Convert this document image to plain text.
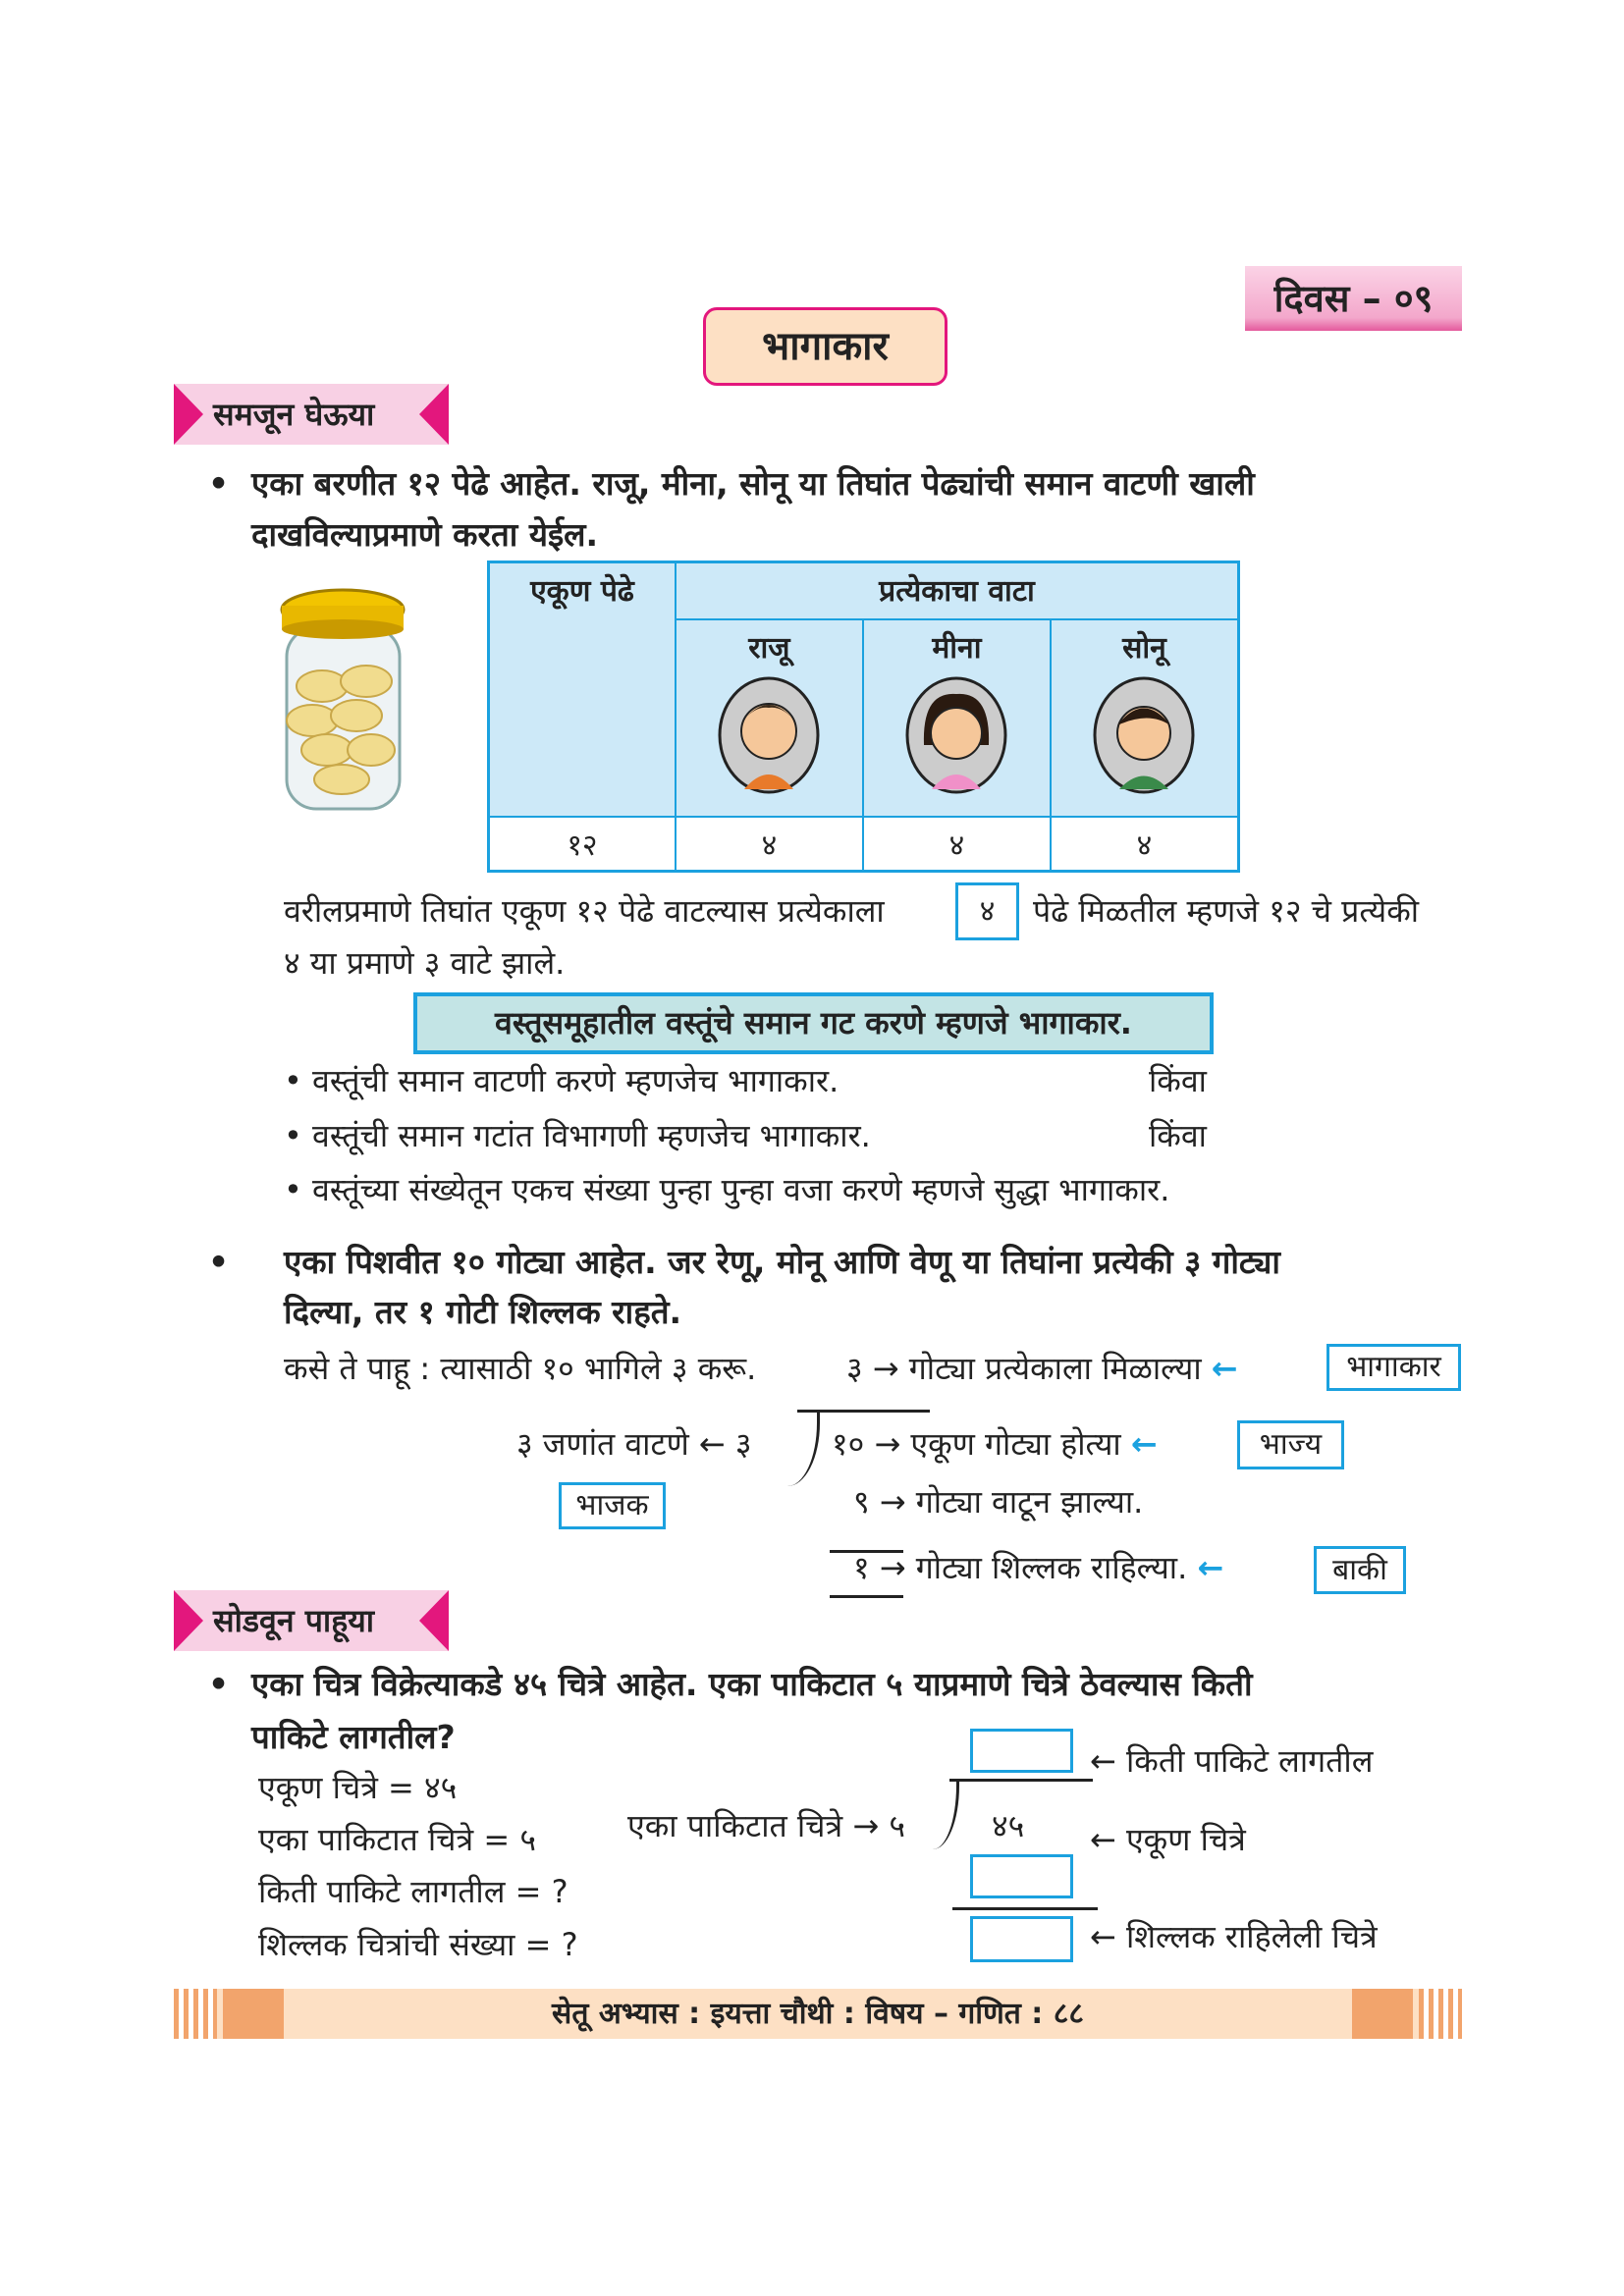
दिवस – ०९
भागाकार
समजून घेऊया
• एका बरणीत १२ पेढे आहेत. राजू, मीना, सोनू या तिघांत पेढ्यांची समान वाटणी खाली
दाखविल्याप्रमाणे करता येईल.
एकूण पेढे	प्रत्येकाचा वाटा		

	राजू	मीना	सोनू

१२	४	४	४
वरीलप्रमाणे तिघांत एकूण १२ पेढे वाटल्यास प्रत्येकाला	४	पेढे मिळतील म्हणजे १२ चे प्रत्येकी
४ या प्रमाणे ३ वाटे झाले.
वस्तूसमूहातील वस्तूंचे समान गट करणे म्हणजे भागाकार.
• वस्तूंची समान वाटणी करणे म्हणजेच भागाकार.	किंवा
• वस्तूंची समान गटांत विभागणी म्हणजेच भागाकार.	किंवा
• वस्तूंच्या संख्येतून एकच संख्या पुन्हा पुन्हा वजा करणे म्हणजे सुद्धा भागाकार.
• एका पिशवीत १० गोट्या आहेत. जर रेणू, मोनू आणि वेणू या तिघांना प्रत्येकी ३ गोट्या
दिल्या, तर १ गोटी शिल्लक राहते.
कसे ते पाहू : त्यासाठी १० भागिले ३ करू.	३ → गोट्या प्रत्येकाला मिळाल्या ←	भागाकार
३ जणांत वाटणे ← ३	१० → एकूण गोट्या होत्या ←	भाज्य
भाजक	९ → गोट्या वाटून झाल्या.
१ → गोट्या शिल्लक राहिल्या. ←	बाकी
सोडवून पाहूया
• एका चित्र विक्रेत्याकडे ४५ चित्रे आहेत. एका पाकिटात ५ याप्रमाणे चित्रे ठेवल्यास किती
पाकिटे लागतील?
एकूण चित्रे = ४५
एका पाकिटात चित्रे = ५
किती पाकिटे लागतील = ?
शिल्लक चित्रांची संख्या = ?
एका पाकिटात चित्रे → ५	४५
← किती पाकिटे लागतील
← एकूण चित्रे
← शिल्लक राहिलेली चित्रे
सेतू अभ्यास : इयत्ता चौथी : विषय – गणित : ८८
